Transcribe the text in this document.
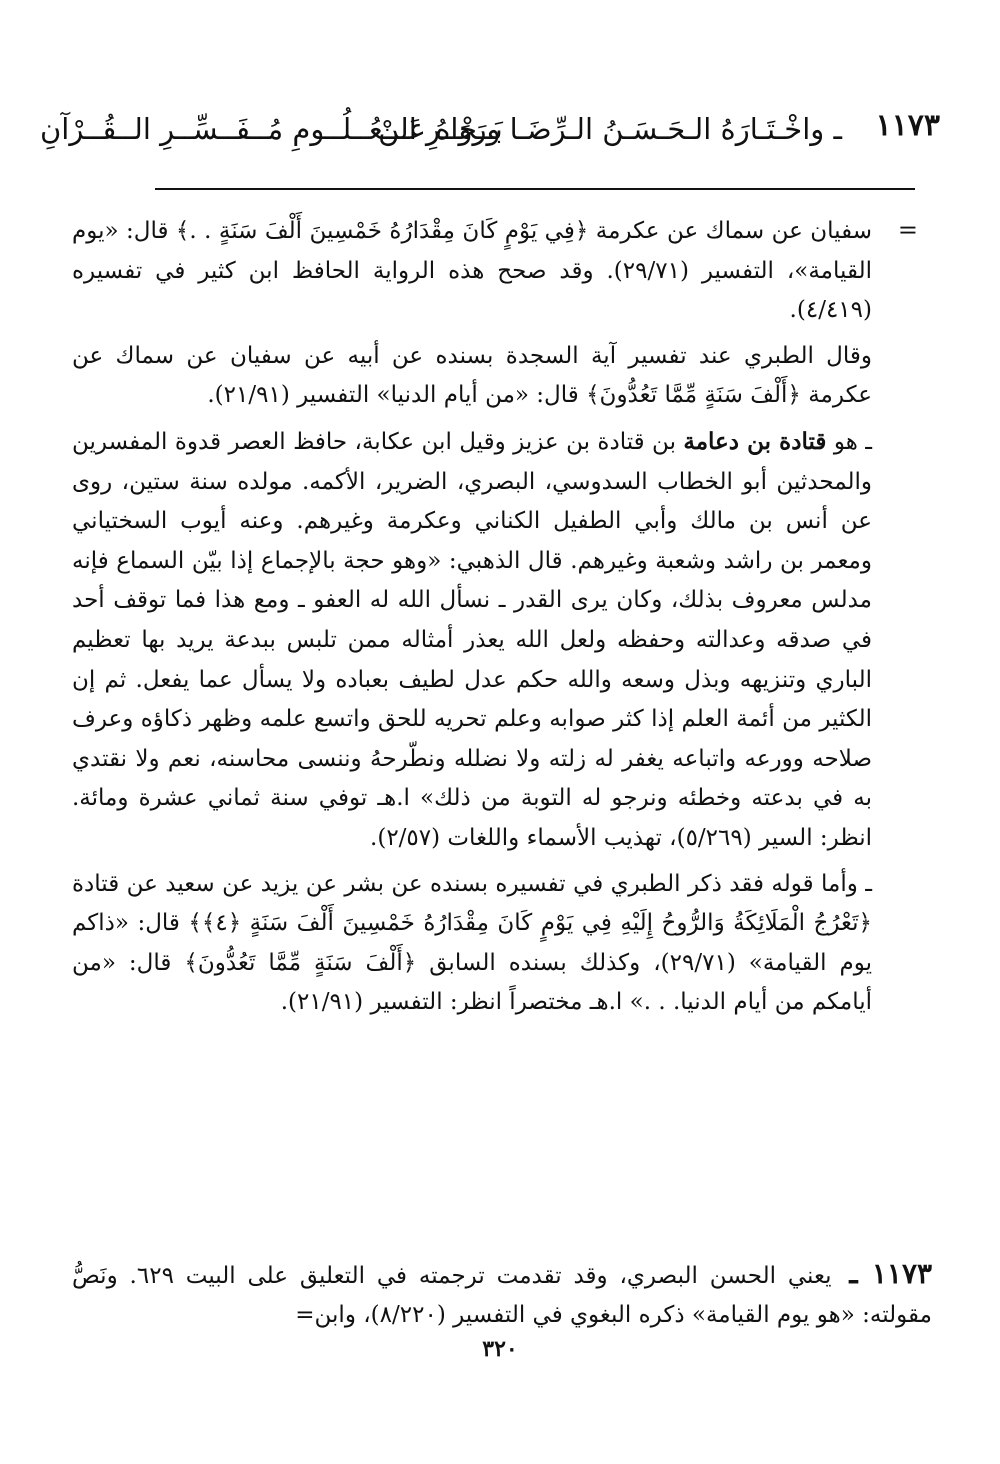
١١٧٣
ـ واخْـتَـارَهُ الـحَـسَـنُ الـرِّضَـا ورَوَاهُ عَـنْ
بَــحْــرِ الــعُــلُــومِ مُــفَــسِّــرِ الــقُــرْآنِ
=

سفيان عن سماك عن عكرمة ﴿فِي يَوْمٍ كَانَ مِقْدَارُهُ خَمْسِينَ أَلْفَ سَنَةٍ . .﴾ قال: «يوم القيامة»، التفسير (٢٩/٧١). وقد صحح هذه الرواية الحافظ ابن كثير في تفسيره (٤/٤١٩).

وقال الطبري عند تفسير آية السجدة بسنده عن أبيه عن سفيان عن سماك عن عكرمة ﴿أَلْفَ سَنَةٍ مِّمَّا تَعُدُّونَ﴾ قال: «من أيام الدنيا» التفسير (٢١/٩١).

ـ هو قتادة بن دعامة بن قتادة بن عزيز وقيل ابن عكابة، حافظ العصر قدوة المفسرين والمحدثين أبو الخطاب السدوسي، البصري، الضرير، الأكمه. مولده سنة ستين، روى عن أنس بن مالك وأبي الطفيل الكناني وعكرمة وغيرهم. وعنه أيوب السختياني ومعمر بن راشد وشعبة وغيرهم. قال الذهبي: «وهو حجة بالإجماع إذا بيّن السماع فإنه مدلس معروف بذلك، وكان يرى القدر ـ نسأل الله له العفو ـ ومع هذا فما توقف أحد في صدقه وعدالته وحفظه ولعل الله يعذر أمثاله ممن تلبس ببدعة يريد بها تعظيم الباري وتنزيهه وبذل وسعه والله حكم عدل لطيف بعباده ولا يسأل عما يفعل. ثم إن الكثير من أئمة العلم إذا كثر صوابه وعلم تحريه للحق واتسع علمه وظهر ذكاؤه وعرف صلاحه وورعه واتباعه يغفر له زلته ولا نضلله ونطّرحهُ وننسى محاسنه، نعم ولا نقتدي به في بدعته وخطئه ونرجو له التوبة من ذلك» ا.هـ توفي سنة ثماني عشرة ومائة. انظر: السير (٥/٢٦٩)، تهذيب الأسماء واللغات (٢/٥٧).

ـ وأما قوله فقد ذكر الطبري في تفسيره بسنده عن بشر عن يزيد عن سعيد عن قتادة ﴿تَعْرُجُ الْمَلَائِكَةُ وَالرُّوحُ إِلَيْهِ فِي يَوْمٍ كَانَ مِقْدَارُهُ خَمْسِينَ أَلْفَ سَنَةٍ ﴿٤﴾﴾ قال: «ذاكم يوم القيامة» (٢٩/٧١)، وكذلك بسنده السابق ﴿أَلْفَ سَنَةٍ مِّمَّا تَعُدُّونَ﴾ قال: «من أيامكم من أيام الدنيا. . .» ا.هـ مختصراً انظر: التفسير (٢١/٩١).

١١٧٣ ـ يعني الحسن البصري، وقد تقدمت ترجمته في التعليق على البيت ٦٢٩. ونَصُّ مقولته: «هو يوم القيامة» ذكره البغوي في التفسير (٨/٢٢٠)، وابن=
٣٢٠
